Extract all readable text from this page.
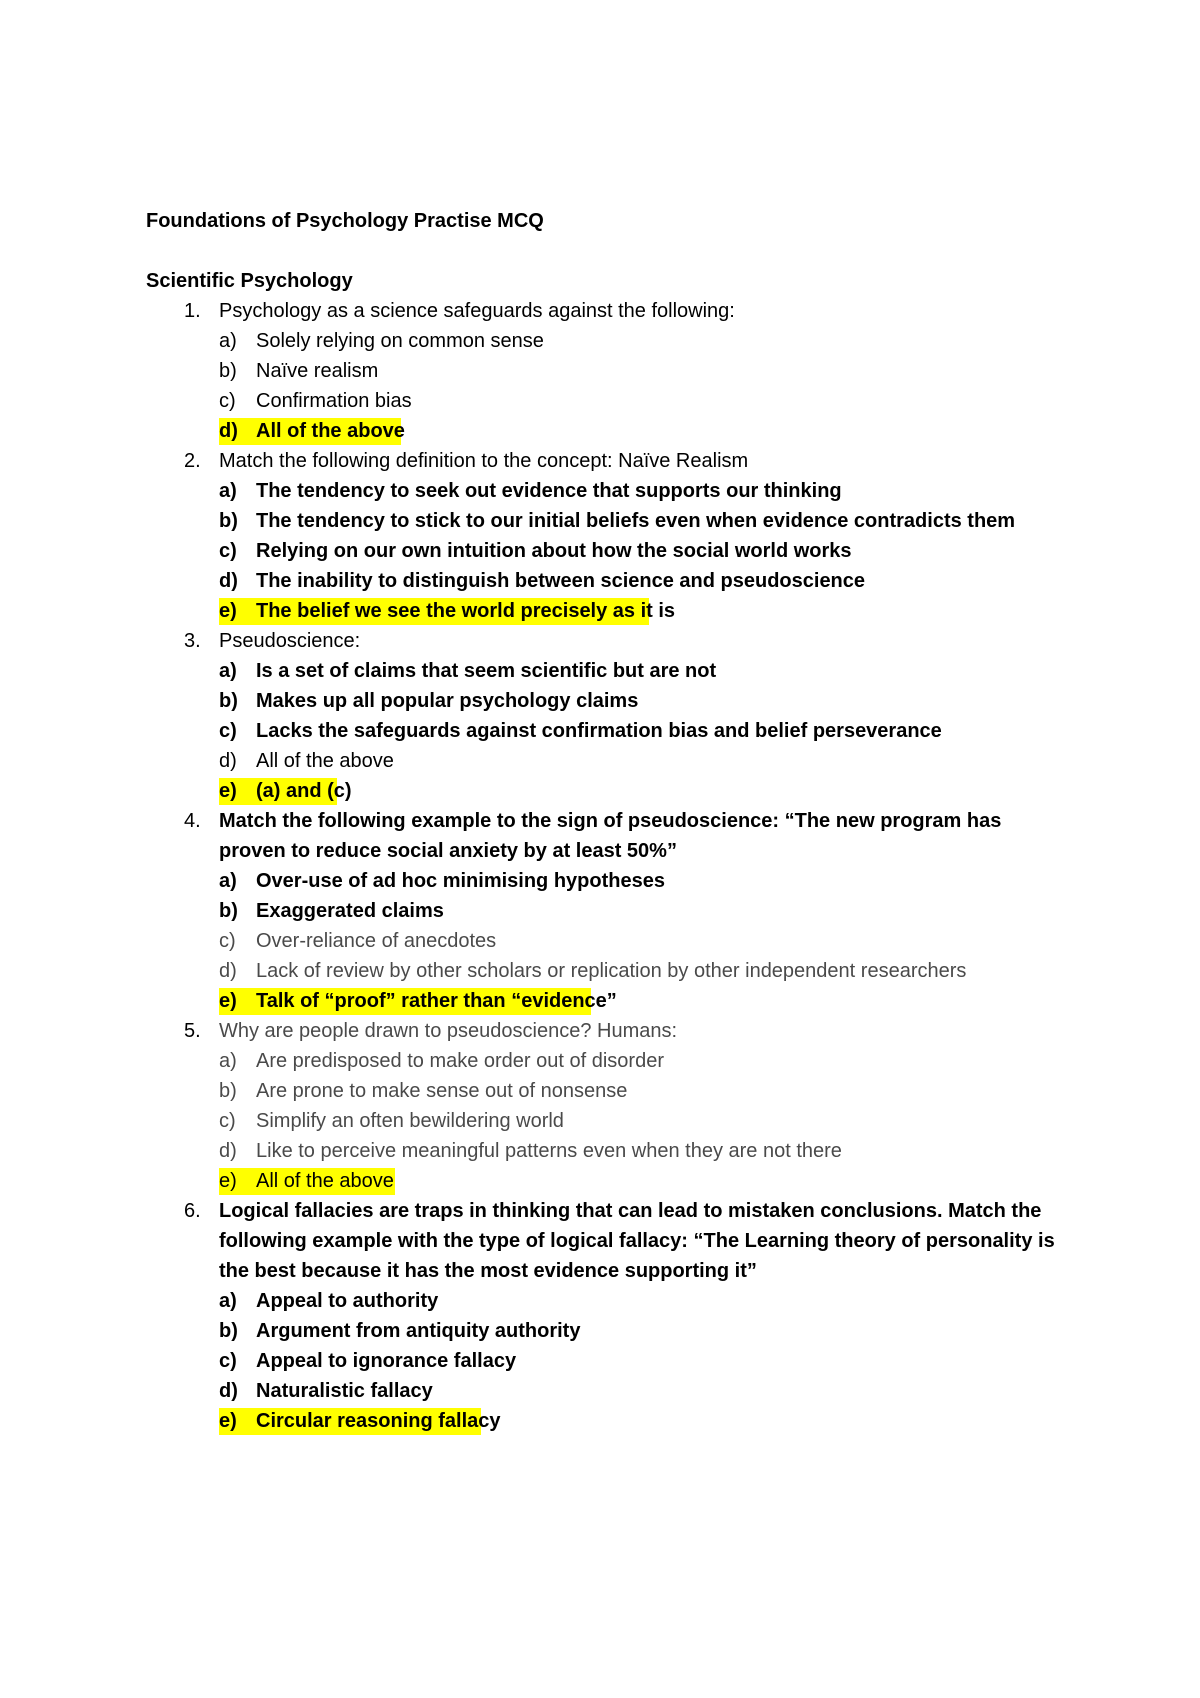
Foundations of Psychology Practise MCQ
Scientific Psychology
1. Psychology as a science safeguards against the following:
a) Solely relying on common sense
b) Naïve realism
c) Confirmation bias
d) All of the above
2. Match the following definition to the concept: Naïve Realism
a) The tendency to seek out evidence that supports our thinking
b) The tendency to stick to our initial beliefs even when evidence contradicts them
c) Relying on our own intuition about how the social world works
d) The inability to distinguish between science and pseudoscience
e) The belief we see the world precisely as it is
3. Pseudoscience:
a) Is a set of claims that seem scientific but are not
b) Makes up all popular psychology claims
c) Lacks the safeguards against confirmation bias and belief perseverance
d) All of the above
e) (a) and (c)
4. Match the following example to the sign of pseudoscience: “The new program has proven to reduce social anxiety by at least 50%”
a) Over-use of ad hoc minimising hypotheses
b) Exaggerated claims
c) Over-reliance of anecdotes
d) Lack of review by other scholars or replication by other independent researchers
e) Talk of “proof” rather than “evidence”
5. Why are people drawn to pseudoscience? Humans:
a) Are predisposed to make order out of disorder
b) Are prone to make sense out of nonsense
c) Simplify an often bewildering world
d) Like to perceive meaningful patterns even when they are not there
e) All of the above
6. Logical fallacies are traps in thinking that can lead to mistaken conclusions. Match the following example with the type of logical fallacy: “The Learning theory of personality is the best because it has the most evidence supporting it”
a) Appeal to authority
b) Argument from antiquity authority
c) Appeal to ignorance fallacy
d) Naturalistic fallacy
e) Circular reasoning fallacy
